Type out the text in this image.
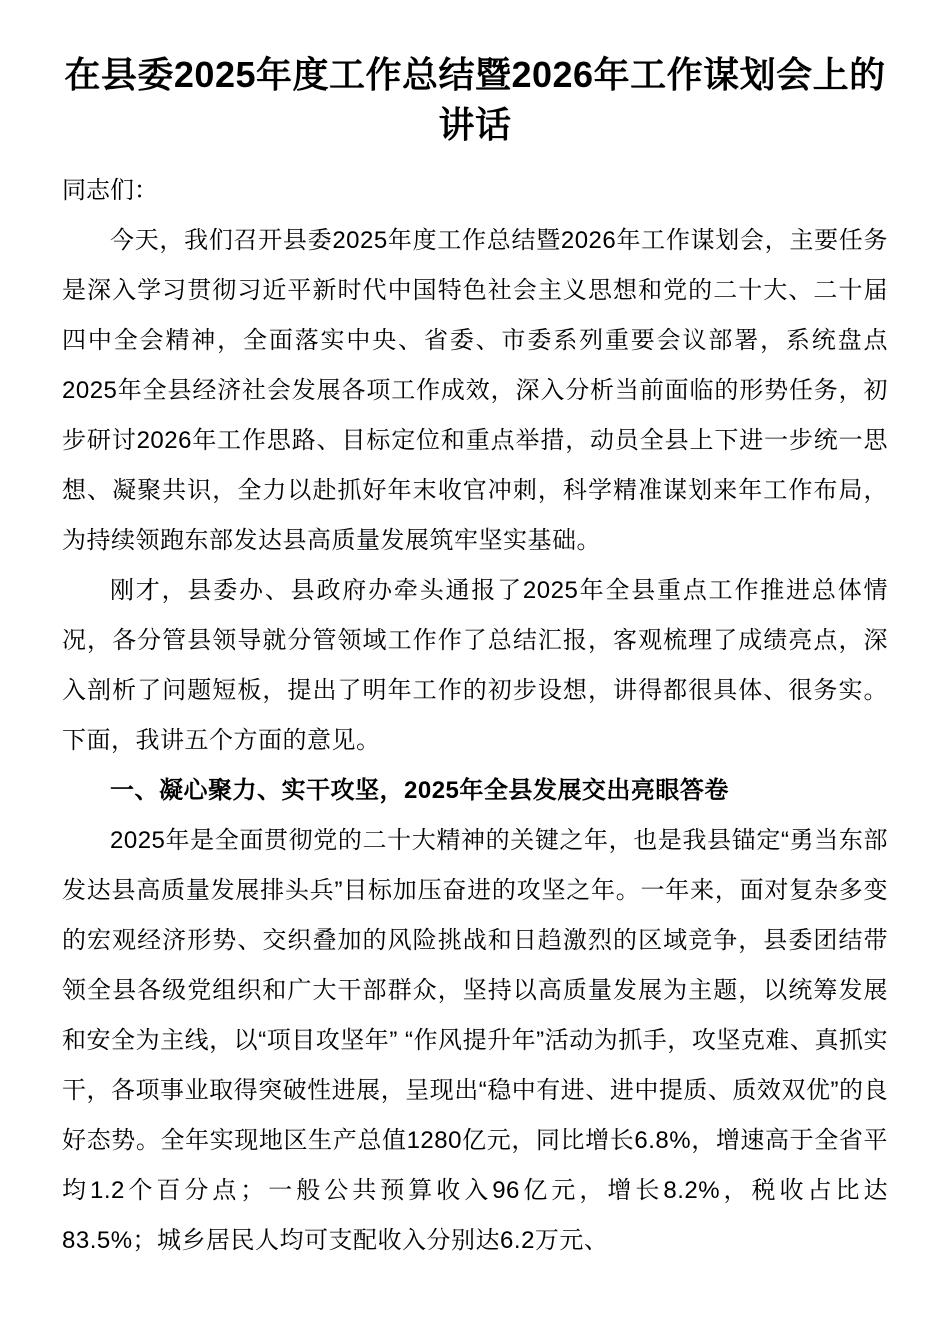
在县委2025年度工作总结暨2026年工作谋划会上的讲话

同志们：

今天，我们召开县委2025年度工作总结暨2026年工作谋划会，主要任务是深入学习贯彻习近平新时代中国特色社会主义思想和党的二十大、二十届四中全会精神，全面落实中央、省委、市委系列重要会议部署，系统盘点2025年全县经济社会发展各项工作成效，深入分析当前面临的形势任务，初步研讨2026年工作思路、目标定位和重点举措，动员全县上下进一步统一思想、凝聚共识，全力以赴抓好年末收官冲刺，科学精准谋划来年工作布局，为持续领跑东部发达县高质量发展筑牢坚实基础。

刚才，县委办、县政府办牵头通报了2025年全县重点工作推进总体情况，各分管县领导就分管领域工作作了总结汇报，客观梳理了成绩亮点，深入剖析了问题短板，提出了明年工作的初步设想，讲得都很具体、很务实。下面，我讲五个方面的意见。

一、凝心聚力、实干攻坚，2025年全县发展交出亮眼答卷

2025年是全面贯彻党的二十大精神的关键之年，也是我县锚定“勇当东部发达县高质量发展排头兵”目标加压奋进的攻坚之年。一年来，面对复杂多变的宏观经济形势、交织叠加的风险挑战和日趋激烈的区域竞争，县委团结带领全县各级党组织和广大干部群众，坚持以高质量发展为主题，以统筹发展和安全为主线，以“项目攻坚年” “作风提升年”活动为抓手，攻坚克难、真抓实干，各项事业取得突破性进展，呈现出“稳中有进、进中提质、质效双优”的良好态势。全年实现地区生产总值1280亿元，同比增长6.8%，增速高于全省平均1.2个百分点；一般公共预算收入96亿元，增长8.2%，税收占比达83.5%；城乡居民人均可支配收入分别达6.2万元、
